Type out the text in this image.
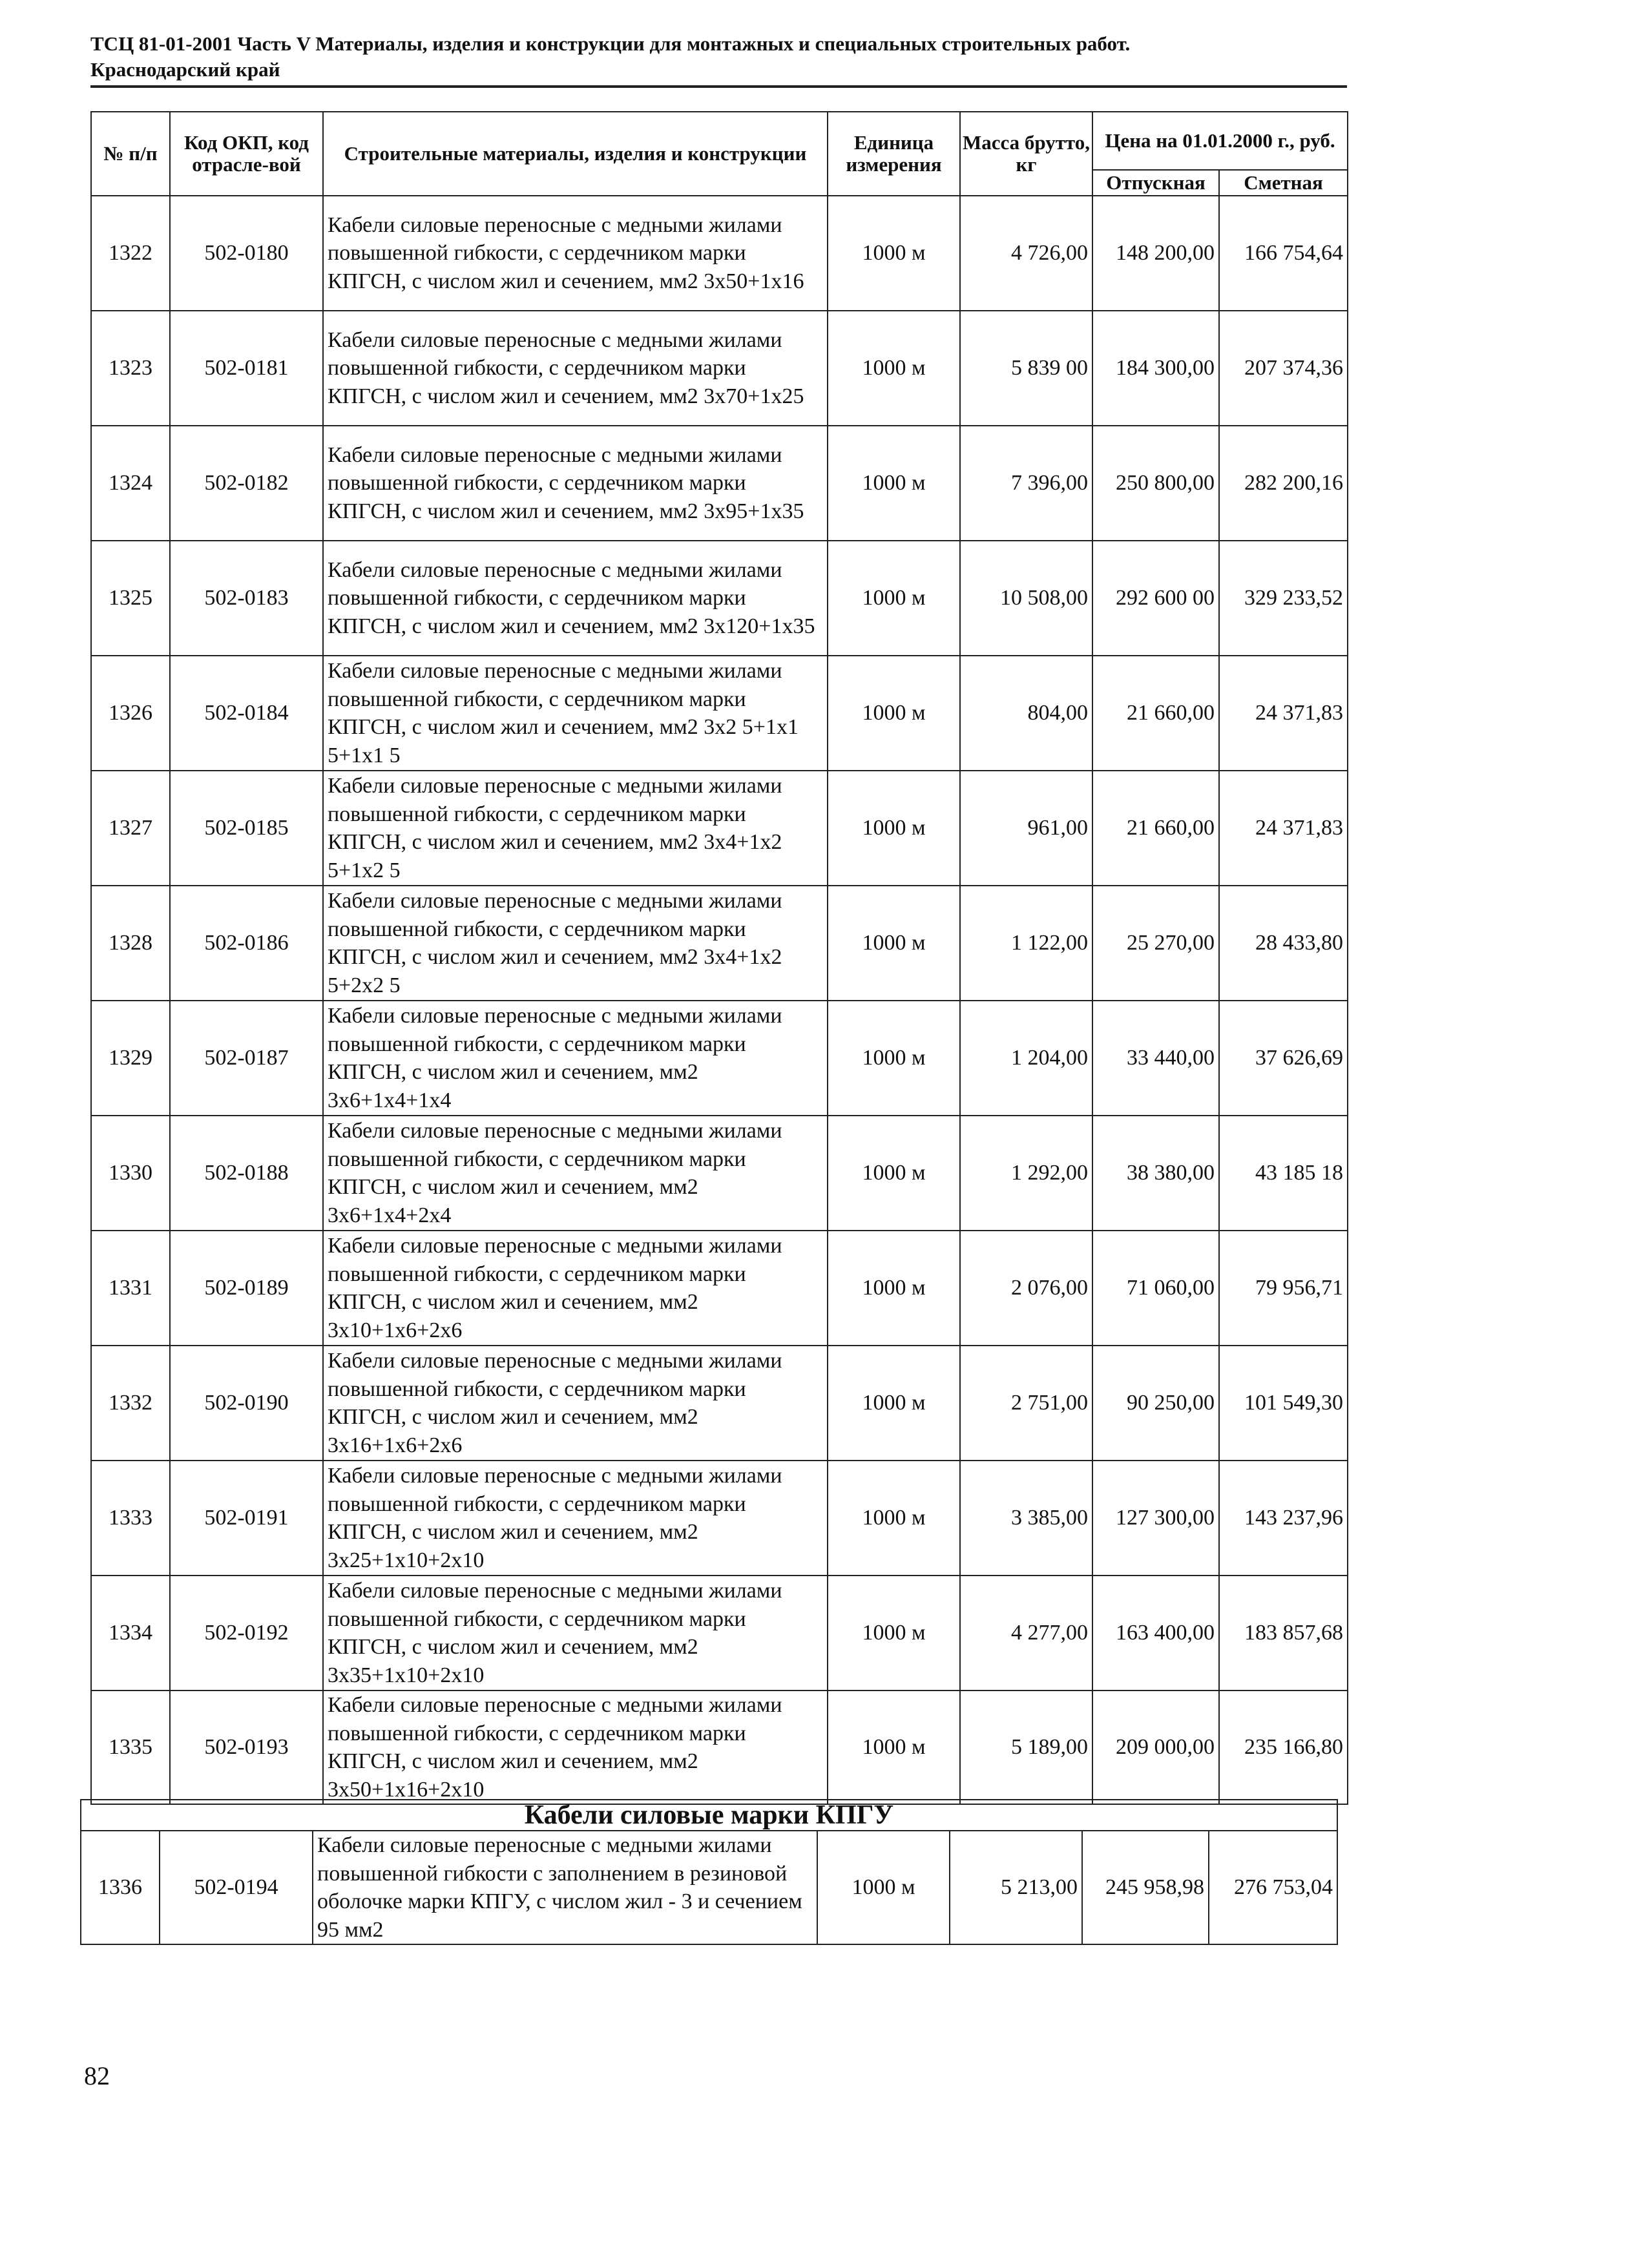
ТСЦ 81-01-2001 Часть V Материалы, изделия и конструкции для монтажных и специальных строительных работ.
Краснодарский край
№ п/п	Код ОКП, код отрасле-вой	Строительные материалы, изделия и конструкции	Единица измерения	Масса брутто, кг	Цена на 01.01.2000 г., руб.	
					Отпускная	Сметная
1322	502-0180	Кабели силовые переносные с медными жилами повышенной гибкости, с сердечником марки КПГСН, с числом жил и сечением, мм2 3х50+1х16	1000 м	4 726,00	148 200,00	166 754,64
1323	502-0181	Кабели силовые переносные с медными жилами повышенной гибкости, с сердечником марки КПГСН, с числом жил и сечением, мм2 3х70+1х25	1000 м	5 839 00	184 300,00	207 374,36
1324	502-0182	Кабели силовые переносные с медными жилами повышенной гибкости, с сердечником марки КПГСН, с числом жил и сечением, мм2 3х95+1х35	1000 м	7 396,00	250 800,00	282 200,16
1325	502-0183	Кабели силовые переносные с медными жилами повышенной гибкости, с сердечником марки КПГСН, с числом жил и сечением, мм2 3х120+1х35	1000 м	10 508,00	292 600 00	329 233,52
1326	502-0184	Кабели силовые переносные с медными жилами повышенной гибкости, с сердечником марки КПГСН, с числом жил и сечением, мм2 3х2 5+1х1 5+1х1 5	1000 м	804,00	21 660,00	24 371,83
1327	502-0185	Кабели силовые переносные с медными жилами повышенной гибкости, с сердечником марки КПГСН, с числом жил и сечением, мм2 3х4+1х2 5+1х2 5	1000 м	961,00	21 660,00	24 371,83
1328	502-0186	Кабели силовые переносные с медными жилами повышенной гибкости, с сердечником марки КПГСН, с числом жил и сечением, мм2 3х4+1х2 5+2х2 5	1000 м	1 122,00	25 270,00	28 433,80
1329	502-0187	Кабели силовые переносные с медными жилами повышенной гибкости, с сердечником марки КПГСН, с числом жил и сечением, мм2 3х6+1х4+1х4	1000 м	1 204,00	33 440,00	37 626,69
1330	502-0188	Кабели силовые переносные с медными жилами повышенной гибкости, с сердечником марки КПГСН, с числом жил и сечением, мм2 3х6+1х4+2х4	1000 м	1 292,00	38 380,00	43 185 18
1331	502-0189	Кабели силовые переносные с медными жилами повышенной гибкости, с сердечником марки КПГСН, с числом жил и сечением, мм2 3х10+1х6+2х6	1000 м	2 076,00	71 060,00	79 956,71
1332	502-0190	Кабели силовые переносные с медными жилами повышенной гибкости, с сердечником марки КПГСН, с числом жил и сечением, мм2 3х16+1х6+2х6	1000 м	2 751,00	90 250,00	101 549,30
1333	502-0191	Кабели силовые переносные с медными жилами повышенной гибкости, с сердечником марки КПГСН, с числом жил и сечением, мм2 3х25+1х10+2х10	1000 м	3 385,00	127 300,00	143 237,96
1334	502-0192	Кабели силовые переносные с медными жилами повышенной гибкости, с сердечником марки КПГСН, с числом жил и сечением, мм2 3х35+1х10+2х10	1000 м	4 277,00	163 400,00	183 857,68
1335	502-0193	Кабели силовые переносные с медными жилами повышенной гибкости, с сердечником марки КПГСН, с числом жил и сечением, мм2 3х50+1х16+2х10	1000 м	5 189,00	209 000,00	235 166,80
Кабели силовые марки КПГУ
1336	502-0194	Кабели силовые переносные с медными жилами повышенной гибкости с заполнением в резиновой оболочке марки КПГУ, с числом жил - 3 и сечением 95 мм2	1000 м	5 213,00	245 958,98	276 753,04
82
